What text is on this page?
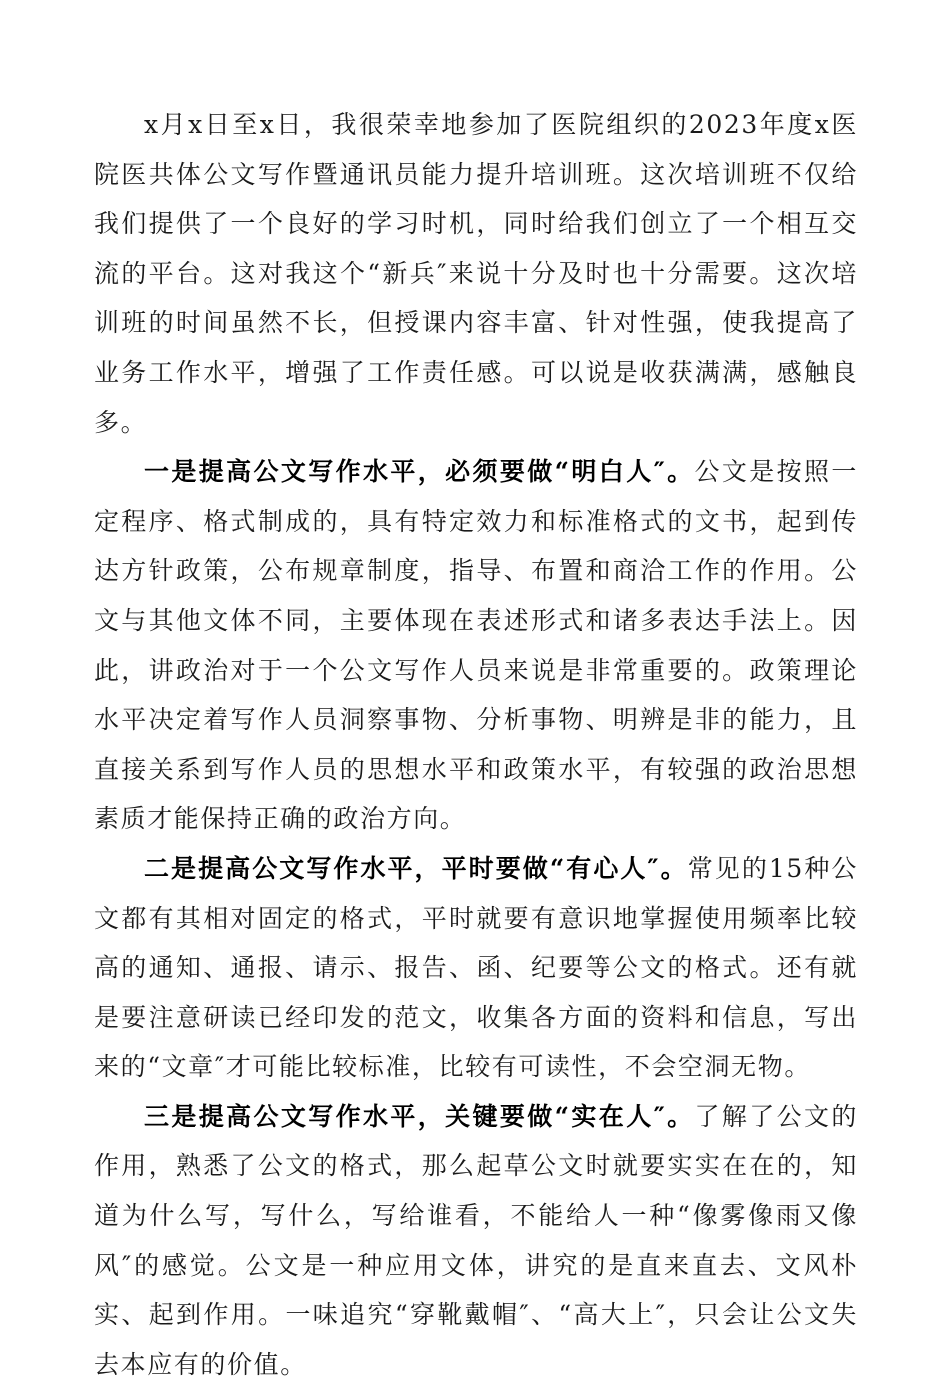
x月x日至x日，我很荣幸地参加了医院组织的2023年度x医院医共体公文写作暨通讯员能力提升培训班。这次培训班不仅给我们提供了一个良好的学习时机，同时给我们创立了一个相互交流的平台。这对我这个“新兵″来说十分及时也十分需要。这次培训班的时间虽然不长，但授课内容丰富、针对性强，使我提高了业务工作水平，增强了工作责任感。可以说是收获满满，感触良多。

一是提高公文写作水平，必须要做“明白人″。公文是按照一定程序、格式制成的，具有特定效力和标准格式的文书，起到传达方针政策，公布规章制度，指导、布置和商洽工作的作用。公文与其他文体不同，主要体现在表述形式和诸多表达手法上。因此，讲政治对于一个公文写作人员来说是非常重要的。政策理论水平决定着写作人员洞察事物、分析事物、明辨是非的能力，且直接关系到写作人员的思想水平和政策水平，有较强的政治思想素质才能保持正确的政治方向。

二是提高公文写作水平，平时要做“有心人″。常见的15种公文都有其相对固定的格式，平时就要有意识地掌握使用频率比较高的通知、通报、请示、报告、函、纪要等公文的格式。还有就是要注意研读已经印发的范文，收集各方面的资料和信息，写出来的“文章″才可能比较标准，比较有可读性，不会空洞无物。

三是提高公文写作水平，关键要做“实在人″。了解了公文的作用，熟悉了公文的格式，那么起草公文时就要实实在在的，知道为什么写，写什么，写给谁看，不能给人一种“像雾像雨又像风″的感觉。公文是一种应用文体，讲究的是直来直去、文风朴实、起到作用。一味追究“穿靴戴帽″、“高大上″，只会让公文失去本应有的价值。
